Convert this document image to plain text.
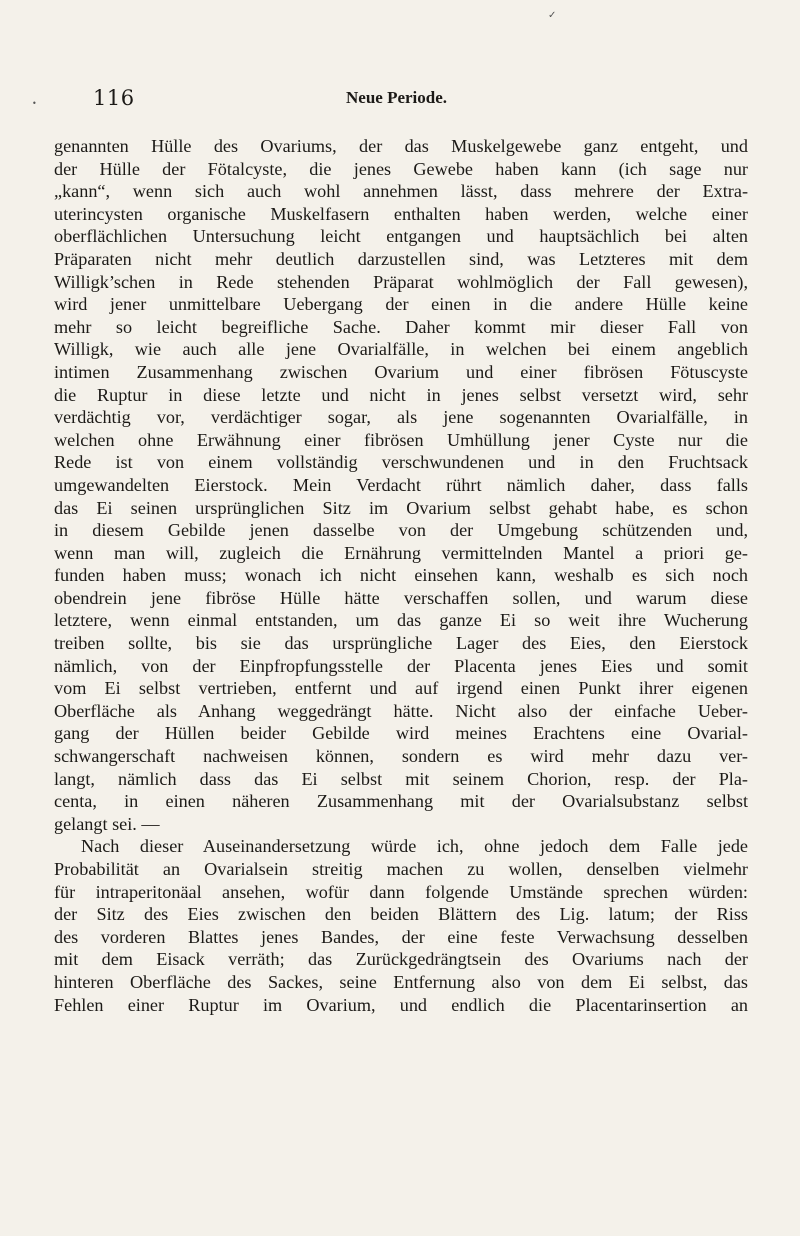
116	Neue Periode.
✓
•
genannten Hülle des Ovariums, der das Muskelgewebe ganz entgeht, und
der Hülle der Fötalcyste, die jenes Gewebe haben kann (ich sage nur
„kann“, wenn sich auch wohl annehmen lässt, dass mehrere der Extra-
uterincysten organische Muskelfasern enthalten haben werden, welche einer
oberflächlichen Untersuchung leicht entgangen und hauptsächlich bei alten
Präparaten nicht mehr deutlich darzustellen sind, was Letzteres mit dem
Willigk’schen in Rede stehenden Präparat wohlmöglich der Fall gewesen),
wird jener unmittelbare Uebergang der einen in die andere Hülle keine
mehr so leicht begreifliche Sache. Daher kommt mir dieser Fall von
Willigk, wie auch alle jene Ovarialfälle, in welchen bei einem angeblich
intimen Zusammenhang zwischen Ovarium und einer fibrösen Fötuscyste
die Ruptur in diese letzte und nicht in jenes selbst versetzt wird, sehr
verdächtig vor, verdächtiger sogar, als jene sogenannten Ovarialfälle, in
welchen ohne Erwähnung einer fibrösen Umhüllung jener Cyste nur die
Rede ist von einem vollständig verschwundenen und in den Fruchtsack
umgewandelten Eierstock. Mein Verdacht rührt nämlich daher, dass falls
das Ei seinen ursprünglichen Sitz im Ovarium selbst gehabt habe, es schon
in diesem Gebilde jenen dasselbe von der Umgebung schützenden und,
wenn man will, zugleich die Ernährung vermittelnden Mantel a priori ge-
funden haben muss; wonach ich nicht einsehen kann, weshalb es sich noch
obendrein jene fibröse Hülle hätte verschaffen sollen, und warum diese
letztere, wenn einmal entstanden, um das ganze Ei so weit ihre Wucherung
treiben sollte, bis sie das ursprüngliche Lager des Eies, den Eierstock
nämlich, von der Einpfropfungsstelle der Placenta jenes Eies und somit
vom Ei selbst vertrieben, entfernt und auf irgend einen Punkt ihrer eigenen
Oberfläche als Anhang weggedrängt hätte. Nicht also der einfache Ueber-
gang der Hüllen beider Gebilde wird meines Erachtens eine Ovarial-
schwangerschaft nachweisen können, sondern es wird mehr dazu ver-
langt, nämlich dass das Ei selbst mit seinem Chorion, resp. der Pla-
centa, in einen näheren Zusammenhang mit der Ovarialsubstanz selbst
gelangt sei. —
Nach dieser Auseinandersetzung würde ich, ohne jedoch dem Falle jede
Probabilität an Ovarialsein streitig machen zu wollen, denselben vielmehr
für intraperitonäal ansehen, wofür dann folgende Umstände sprechen würden:
der Sitz des Eies zwischen den beiden Blättern des Lig. latum; der Riss
des vorderen Blattes jenes Bandes, der eine feste Verwachsung desselben
mit dem Eisack verräth; das Zurückgedrängtsein des Ovariums nach der
hinteren Oberfläche des Sackes, seine Entfernung also von dem Ei selbst, das
Fehlen einer Ruptur im Ovarium, und endlich die Placentarinsertion an
